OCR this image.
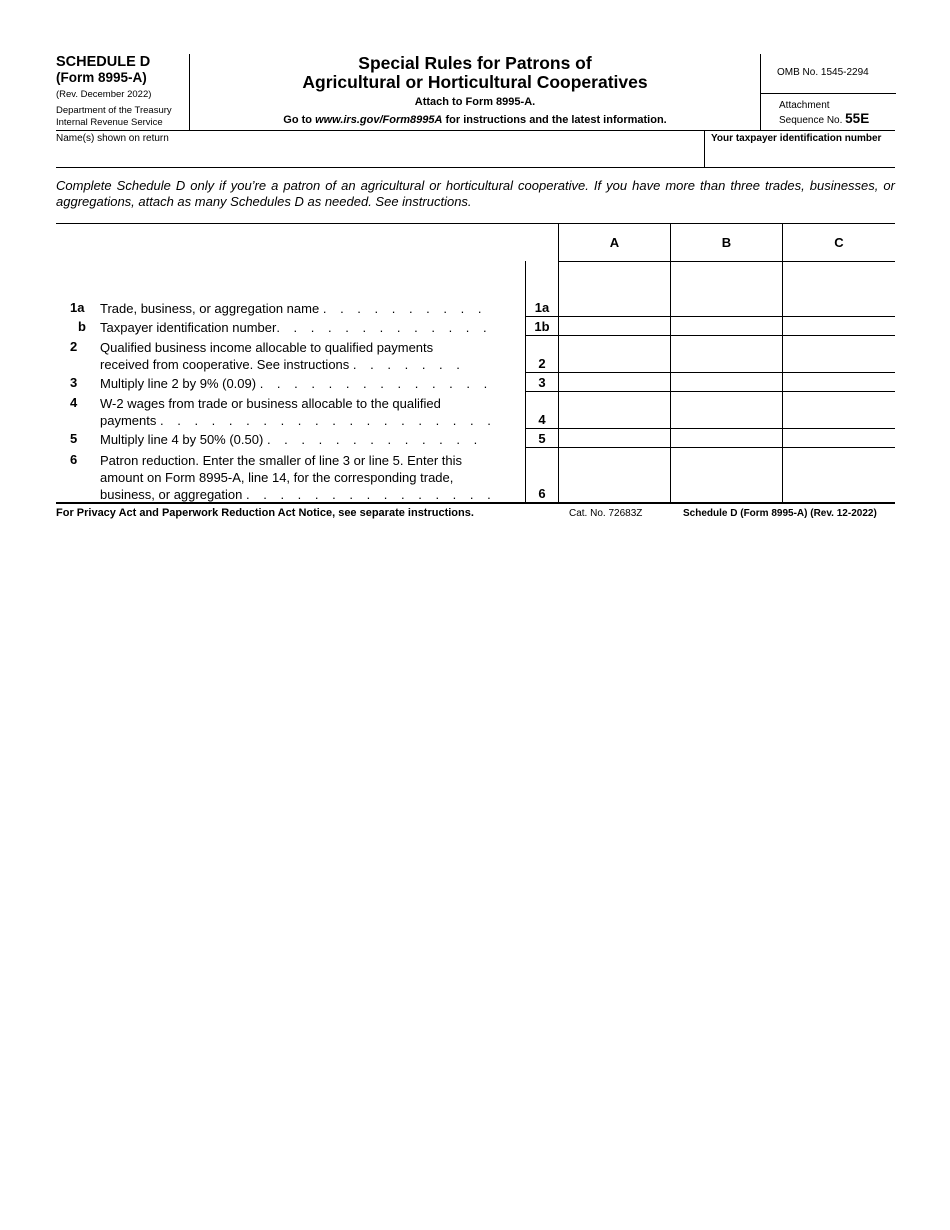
SCHEDULE D
(Form 8995-A)
(Rev. December 2022)
Department of the Treasury
Internal Revenue Service
Special Rules for Patrons of
Agricultural or Horticultural Cooperatives
Attach to Form 8995-A.
Go to www.irs.gov/Form8995A for instructions and the latest information.
OMB No. 1545-2294
Attachment
Sequence No. 55E
Name(s) shown on return	Your taxpayer identification number
Complete Schedule D only if you’re a patron of an agricultural or horticultural cooperative. If you have more than three trades, businesses, or aggregations, attach as many Schedules D as needed. See instructions.
A	B	C
1a Trade, business, or aggregation name . . . . . . . . . .	1a
b Taxpayer identification number. . . . . . . . . . . . .	1b
2 Qualified business income allocable to qualified payments
received from cooperative. See instructions . . . . . . .	2
3 Multiply line 2 by 9% (0.09) . . . . . . . . . . . . . .	3
4 W-2 wages from trade or business allocable to the qualified
payments . . . . . . . . . . . . . . . . . . . .	4
5 Multiply line 4 by 50% (0.50) . . . . . . . . . . . . .	5
6 Patron reduction. Enter the smaller of line 3 or line 5. Enter this
amount on Form 8995-A, line 14, for the corresponding trade,
business, or aggregation . . . . . . . . . . . . . . .	6
For Privacy Act and Paperwork Reduction Act Notice, see separate instructions.	Cat. No. 72683Z	Schedule D (Form 8995-A) (Rev. 12-2022)
